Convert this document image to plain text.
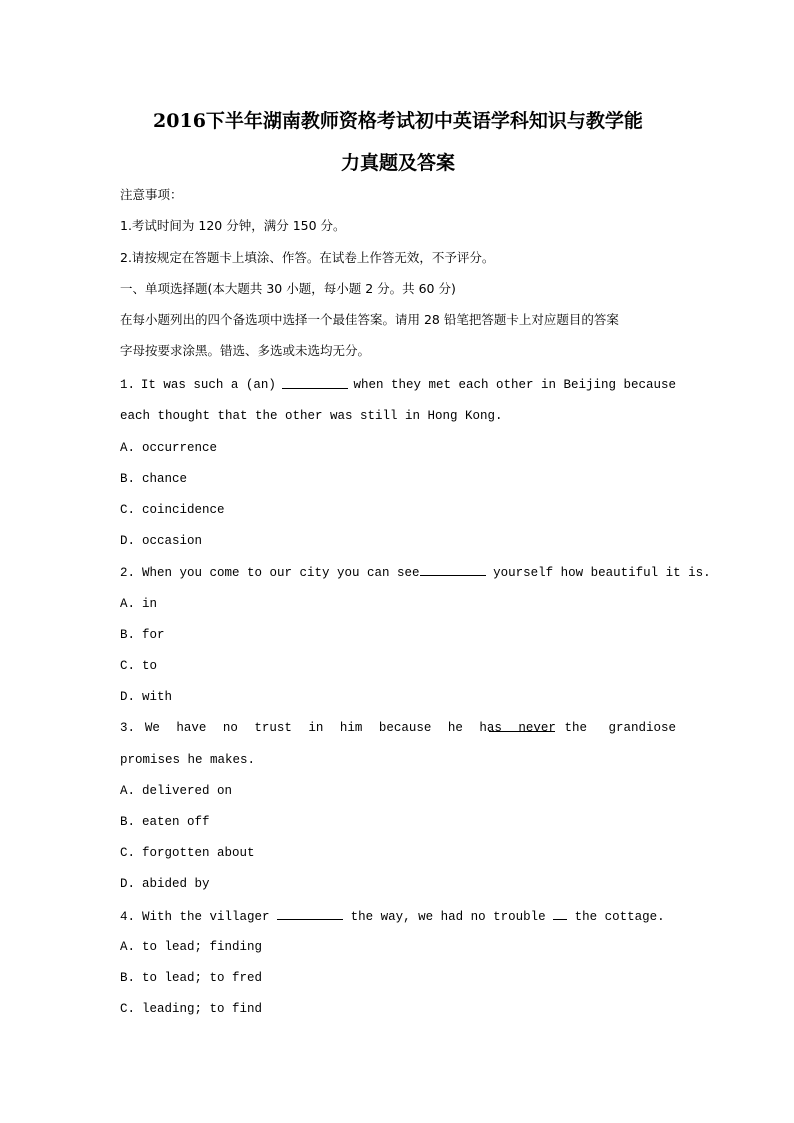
2016下半年湖南教师资格考试初中英语学科知识与教学能
力真题及答案
注意事项：
1.考试时间为 120 分钟，满分 150 分。
2.请按规定在答题卡上填涂、作答。在试卷上作答无效，不予评分。
一、单项选择题(本大题共 30 小题，每小题 2 分。共 60 分)
在每小题列出的四个备选项中选择一个最佳答案。请用 28 铅笔把答题卡上对应题目的答案
字母按要求涂黑。错选、多选或未选均无分。
1. It was such a (an)	when they met each other in Beijing because
each thought that the other was still in Hong Kong.
A. occurrence
B. chance
C. coincidence
D. occasion
2. When you come to our city you can see	yourself how beautiful it is.
A. in
B. for
C. to
D. with
3. We have no trust in him because he has never the grandiose
promises he makes.
A. delivered on
B. eaten off
C. forgotten about
D. abided by
4. With the villager	the way, we had no trouble the cottage.
A. to lead; finding
B. to lead; to fred
C. leading; to find
